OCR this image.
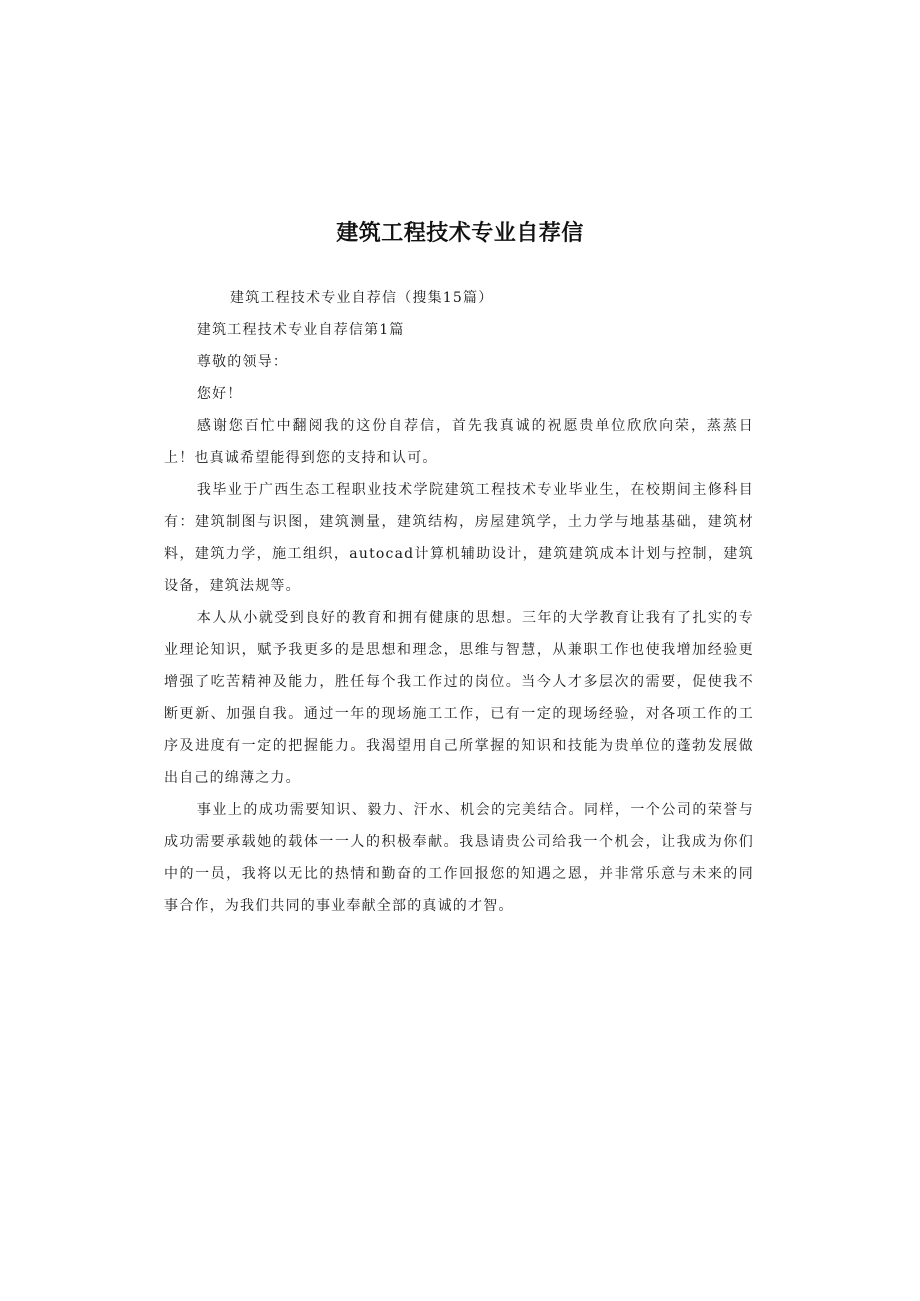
建筑工程技术专业自荐信

建筑工程技术专业自荐信（搜集15篇）

建筑工程技术专业自荐信第1篇

尊敬的领导：

您好！

感谢您百忙中翻阅我的这份自荐信，首先我真诚的祝愿贵单位欣欣向荣，蒸蒸日上！也真诚希望能得到您的支持和认可。

我毕业于广西生态工程职业技术学院建筑工程技术专业毕业生，在校期间主修科目有：建筑制图与识图，建筑测量，建筑结构，房屋建筑学，土力学与地基基础，建筑材料，建筑力学，施工组织，autocad计算机辅助设计，建筑建筑成本计划与控制，建筑设备，建筑法规等。

本人从小就受到良好的教育和拥有健康的思想。三年的大学教育让我有了扎实的专业理论知识，赋予我更多的是思想和理念，思维与智慧，从兼职工作也使我增加经验更增强了吃苦精神及能力，胜任每个我工作过的岗位。当今人才多层次的需要，促使我不断更新、加强自我。通过一年的现场施工工作，已有一定的现场经验，对各项工作的工序及进度有一定的把握能力。我渴望用自己所掌握的知识和技能为贵单位的蓬勃发展做出自己的绵薄之力。

事业上的成功需要知识、毅力、汗水、机会的完美结合。同样，一个公司的荣誉与成功需要承载她的载体一一人的积极奉献。我恳请贵公司给我一个机会，让我成为你们中的一员，我将以无比的热情和勤奋的工作回报您的知遇之恩，并非常乐意与未来的同事合作，为我们共同的事业奉献全部的真诚的才智。
